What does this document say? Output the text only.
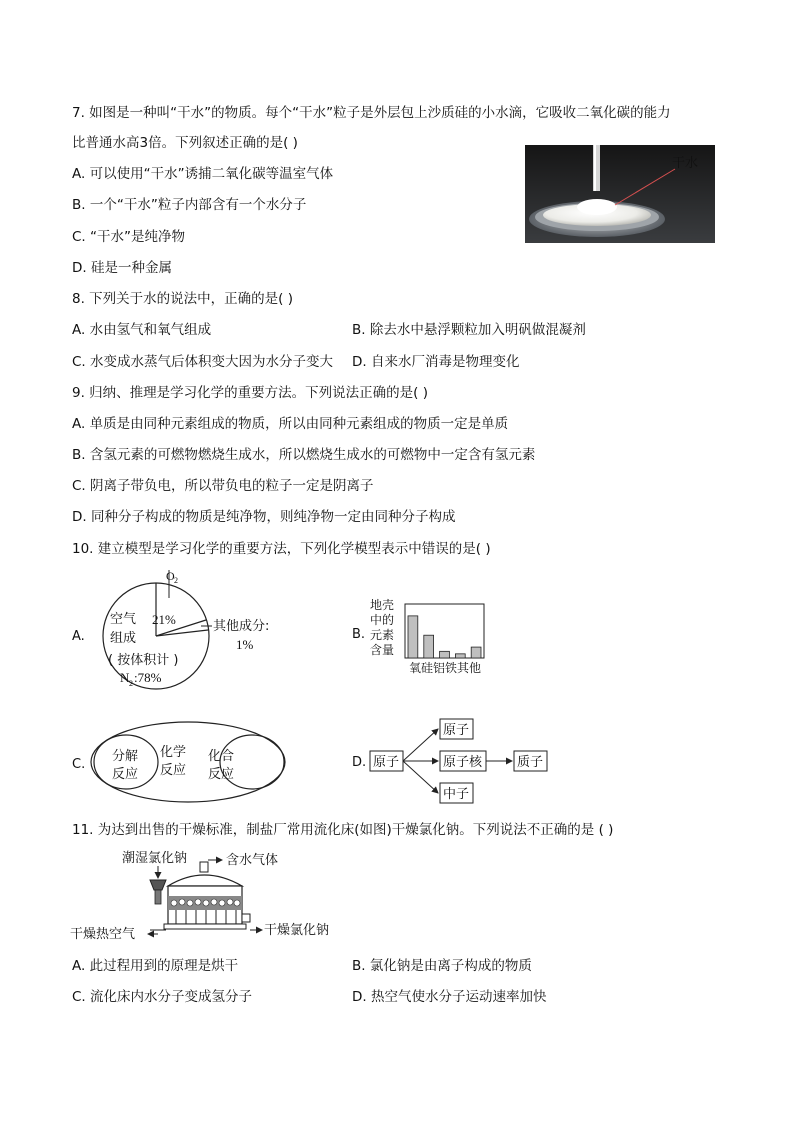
7. 如图是一种叫“干水”的物质。每个“干水”粒子是外层包上沙质硅的小水滴，它吸收二氧化碳的能力
比普通水高3倍。下列叙述正确的是( )
A. 可以使用“干水”诱捕二氧化碳等温室气体
B. 一个“干水”粒子内部含有一个水分子
C. “干水”是纯净物
D. 硅是一种金属
干水
8. 下列关于水的说法中，正确的是( )
A. 水由氢气和氧气组成	B. 除去水中悬浮颗粒加入明矾做混凝剂
C. 水变成水蒸气后体积变大因为水分子变大 D. 自来水厂消毒是物理变化
9. 归纳、推理是学习化学的重要方法。下列说法正确的是( )
A. 单质是由同种元素组成的物质，所以由同种元素组成的物质一定是单质
B. 含氢元素的可燃物燃烧生成水，所以燃烧生成水的可燃物中一定含有氢元素
C. 阴离子带负电，所以带负电的粒子一定是阴离子
D. 同种分子构成的物质是纯净物，则纯净物一定由同种分子构成
10. 建立模型是学习化学的重要方法，下列化学模型表示中错误的是( )
A.
O 2
空气
组成
21%	其他成分:
1%
( 按体积计 )
N 2 :78%
B.
地壳
中的
元素
含量
氧硅铝铁其他
C.
分解
反应
化学
反应
化合
反应
D. 原子
原子
原子核
中子
质子
11. 为达到出售的干燥标准，制盐厂常用流化床(如图)干燥氯化钠。下列说法不正确的是 ( )
潮湿氯化钠	含水气体
干燥热空气	干燥氯化钠
A. 此过程用到的原理是烘干	B. 氯化钠是由离子构成的物质
C. 流化床内水分子变成氢分子	D. 热空气使水分子运动速率加快
